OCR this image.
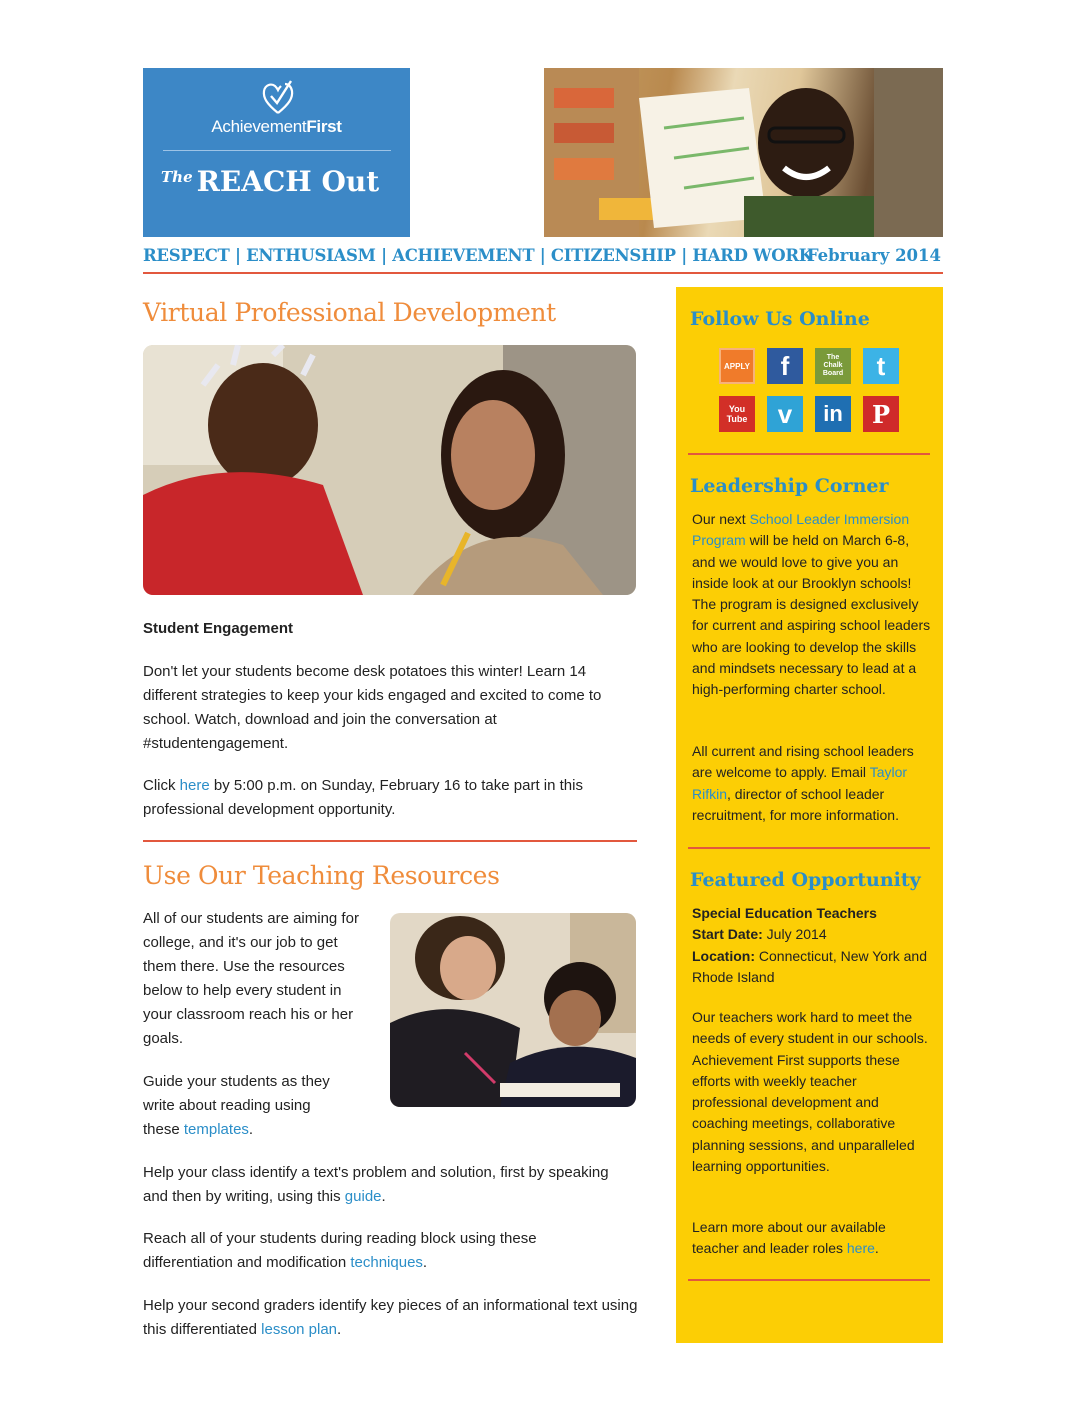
AchievementFirst
$^{The}$ REACH Out
RESPECT | ENTHUSIASM | ACHIEVEMENT | CITIZENSHIP | HARD WORK
February 2014
Virtual Professional Development
Student Engagement
Don't let your students become desk potatoes this winter! Learn 14 different strategies to keep your kids engaged and excited to come to school. Watch, download and join the conversation at #studentengagement.
Click here by 5:00 p.m. on Sunday, February 16 to take part in this professional development opportunity.
Use Our Teaching Resources
All of our students are aiming for college, and it's our job to get them there. Use the resources below to help every student in your classroom reach his or her goals.
Guide your students as they write about reading using these templates.
Help your class identify a text's problem and solution, first by speaking and then by writing, using this guide.
Reach all of your students during reading block using these differentiation and modification techniques.
Help your second graders identify key pieces of an informational text using this differentiated lesson plan.
Follow Us Online
APPLY f	The Chalk Board t
You Tube v in P
Leadership Corner
Our next School Leader Immersion Program will be held on March 6-8, and we would love to give you an inside look at our Brooklyn schools! The program is designed exclusively for current and aspiring school leaders who are looking to develop the skills and mindsets necessary to lead at a high-performing charter school.
All current and rising school leaders are welcome to apply. Email Taylor Rifkin, director of school leader recruitment, for more information.
Featured Opportunity
Special Education Teachers
Start Date: July 2014
Location: Connecticut, New York and Rhode Island
Our teachers work hard to meet the needs of every student in our schools. Achievement First supports these efforts with weekly teacher professional development and coaching meetings, collaborative planning sessions, and unparalleled learning opportunities.
Learn more about our available teacher and leader roles here.
